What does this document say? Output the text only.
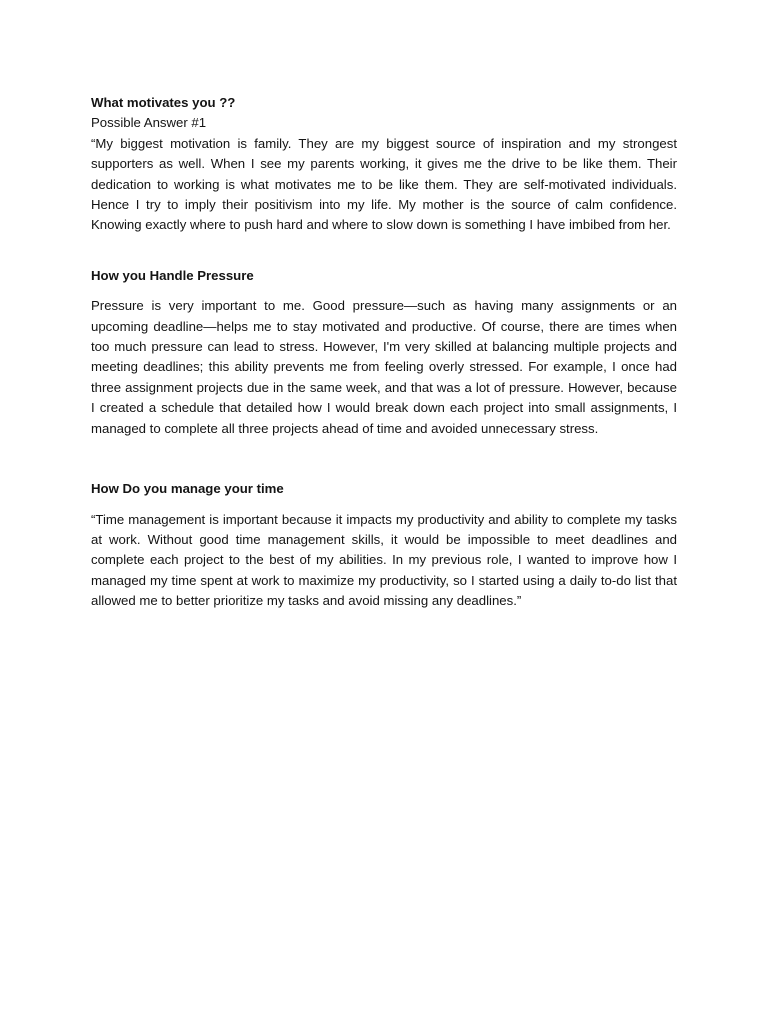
What motivates you ??

Possible Answer #1

“My biggest motivation is family. They are my biggest source of inspiration and my strongest supporters as well. When I see my parents working, it gives me the drive to be like them. Their dedication to working is what motivates me to be like them. They are self-motivated individuals. Hence I try to imply their positivism into my life. My mother is the source of calm confidence. Knowing exactly where to push hard and where to slow down is something I have imbibed from her.

How you Handle Pressure

Pressure is very important to me. Good pressure—such as having many assignments or an upcoming deadline—helps me to stay motivated and productive. Of course, there are times when too much pressure can lead to stress. However, I'm very skilled at balancing multiple projects and meeting deadlines; this ability prevents me from feeling overly stressed. For example, I once had three assignment projects due in the same week, and that was a lot of pressure. However, because I created a schedule that detailed how I would break down each project into small assignments, I managed to complete all three projects ahead of time and avoided unnecessary stress.

How Do you manage your time

“Time management is important because it impacts my productivity and ability to complete my tasks at work. Without good time management skills, it would be impossible to meet deadlines and complete each project to the best of my abilities. In my previous role, I wanted to improve how I managed my time spent at work to maximize my productivity, so I started using a daily to-do list that allowed me to better prioritize my tasks and avoid missing any deadlines.”
